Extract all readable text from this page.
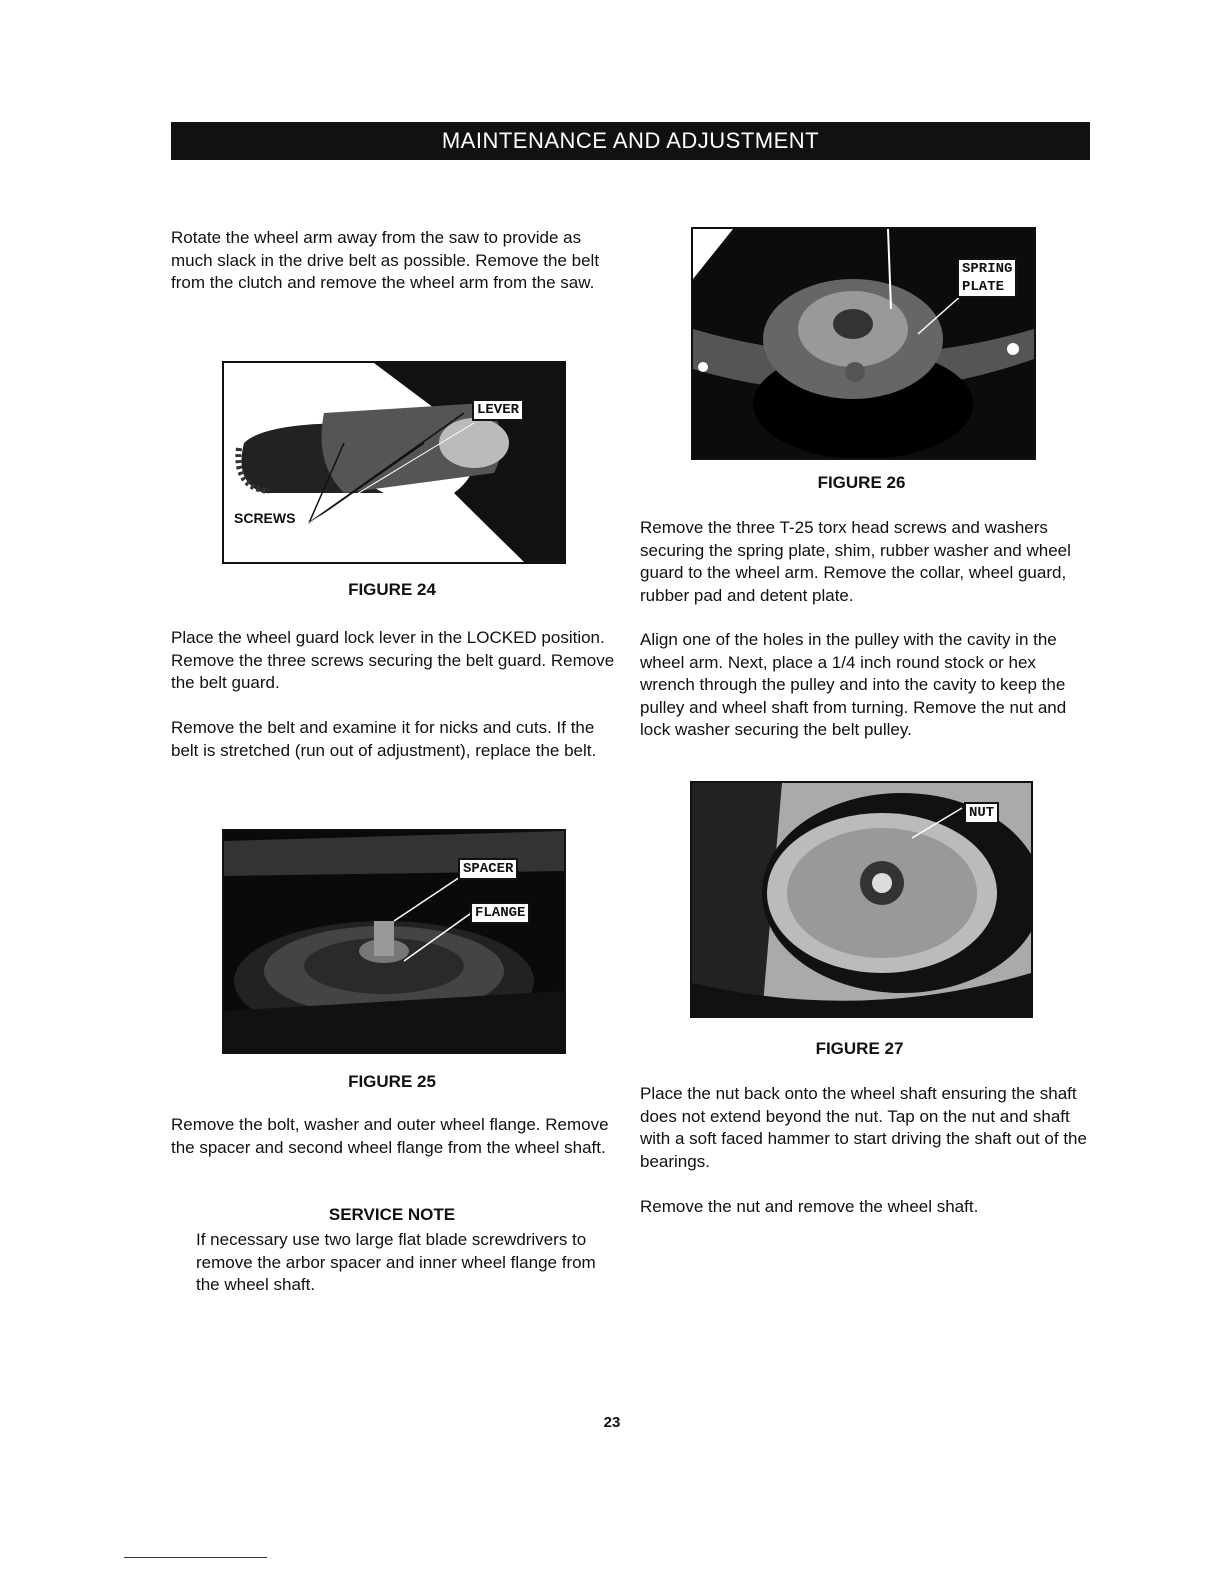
MAINTENANCE AND ADJUSTMENT

Rotate the wheel arm away from the saw to provide as much slack in the drive belt as possible. Remove the belt from the clutch and remove the wheel arm from the saw.

LEVER
SCREWS
FIGURE 24

Place the wheel guard lock lever in the LOCKED position. Remove the three screws securing the belt guard. Remove the belt guard.

Remove the belt and examine it for nicks and cuts. If the belt is stretched (run out of adjustment), replace the belt.

SPACER
FLANGE
FIGURE 25

Remove the bolt, washer and outer wheel flange. Remove the spacer and second wheel flange from the wheel shaft.

SERVICE NOTE

If necessary use two large flat blade screwdrivers to remove the arbor spacer and inner wheel flange from the wheel shaft.

SPRING
PLATE
FIGURE 26

Remove the three T-25 torx head screws and washers securing the spring plate, shim, rubber washer and wheel guard to the wheel arm. Remove the collar, wheel guard, rubber pad and detent plate.

Align one of the holes in the pulley with the cavity in the wheel arm. Next, place a 1/4 inch round stock or hex wrench through the pulley and into the cavity to keep the pulley and wheel shaft from turning. Remove the nut and lock washer securing the belt pulley.

NUT
FIGURE 27

Place the nut back onto the wheel shaft ensuring the shaft does not extend beyond the nut. Tap on the nut and shaft with a soft faced hammer to start driving the shaft out of the bearings.

Remove the nut and remove the wheel shaft.

23
